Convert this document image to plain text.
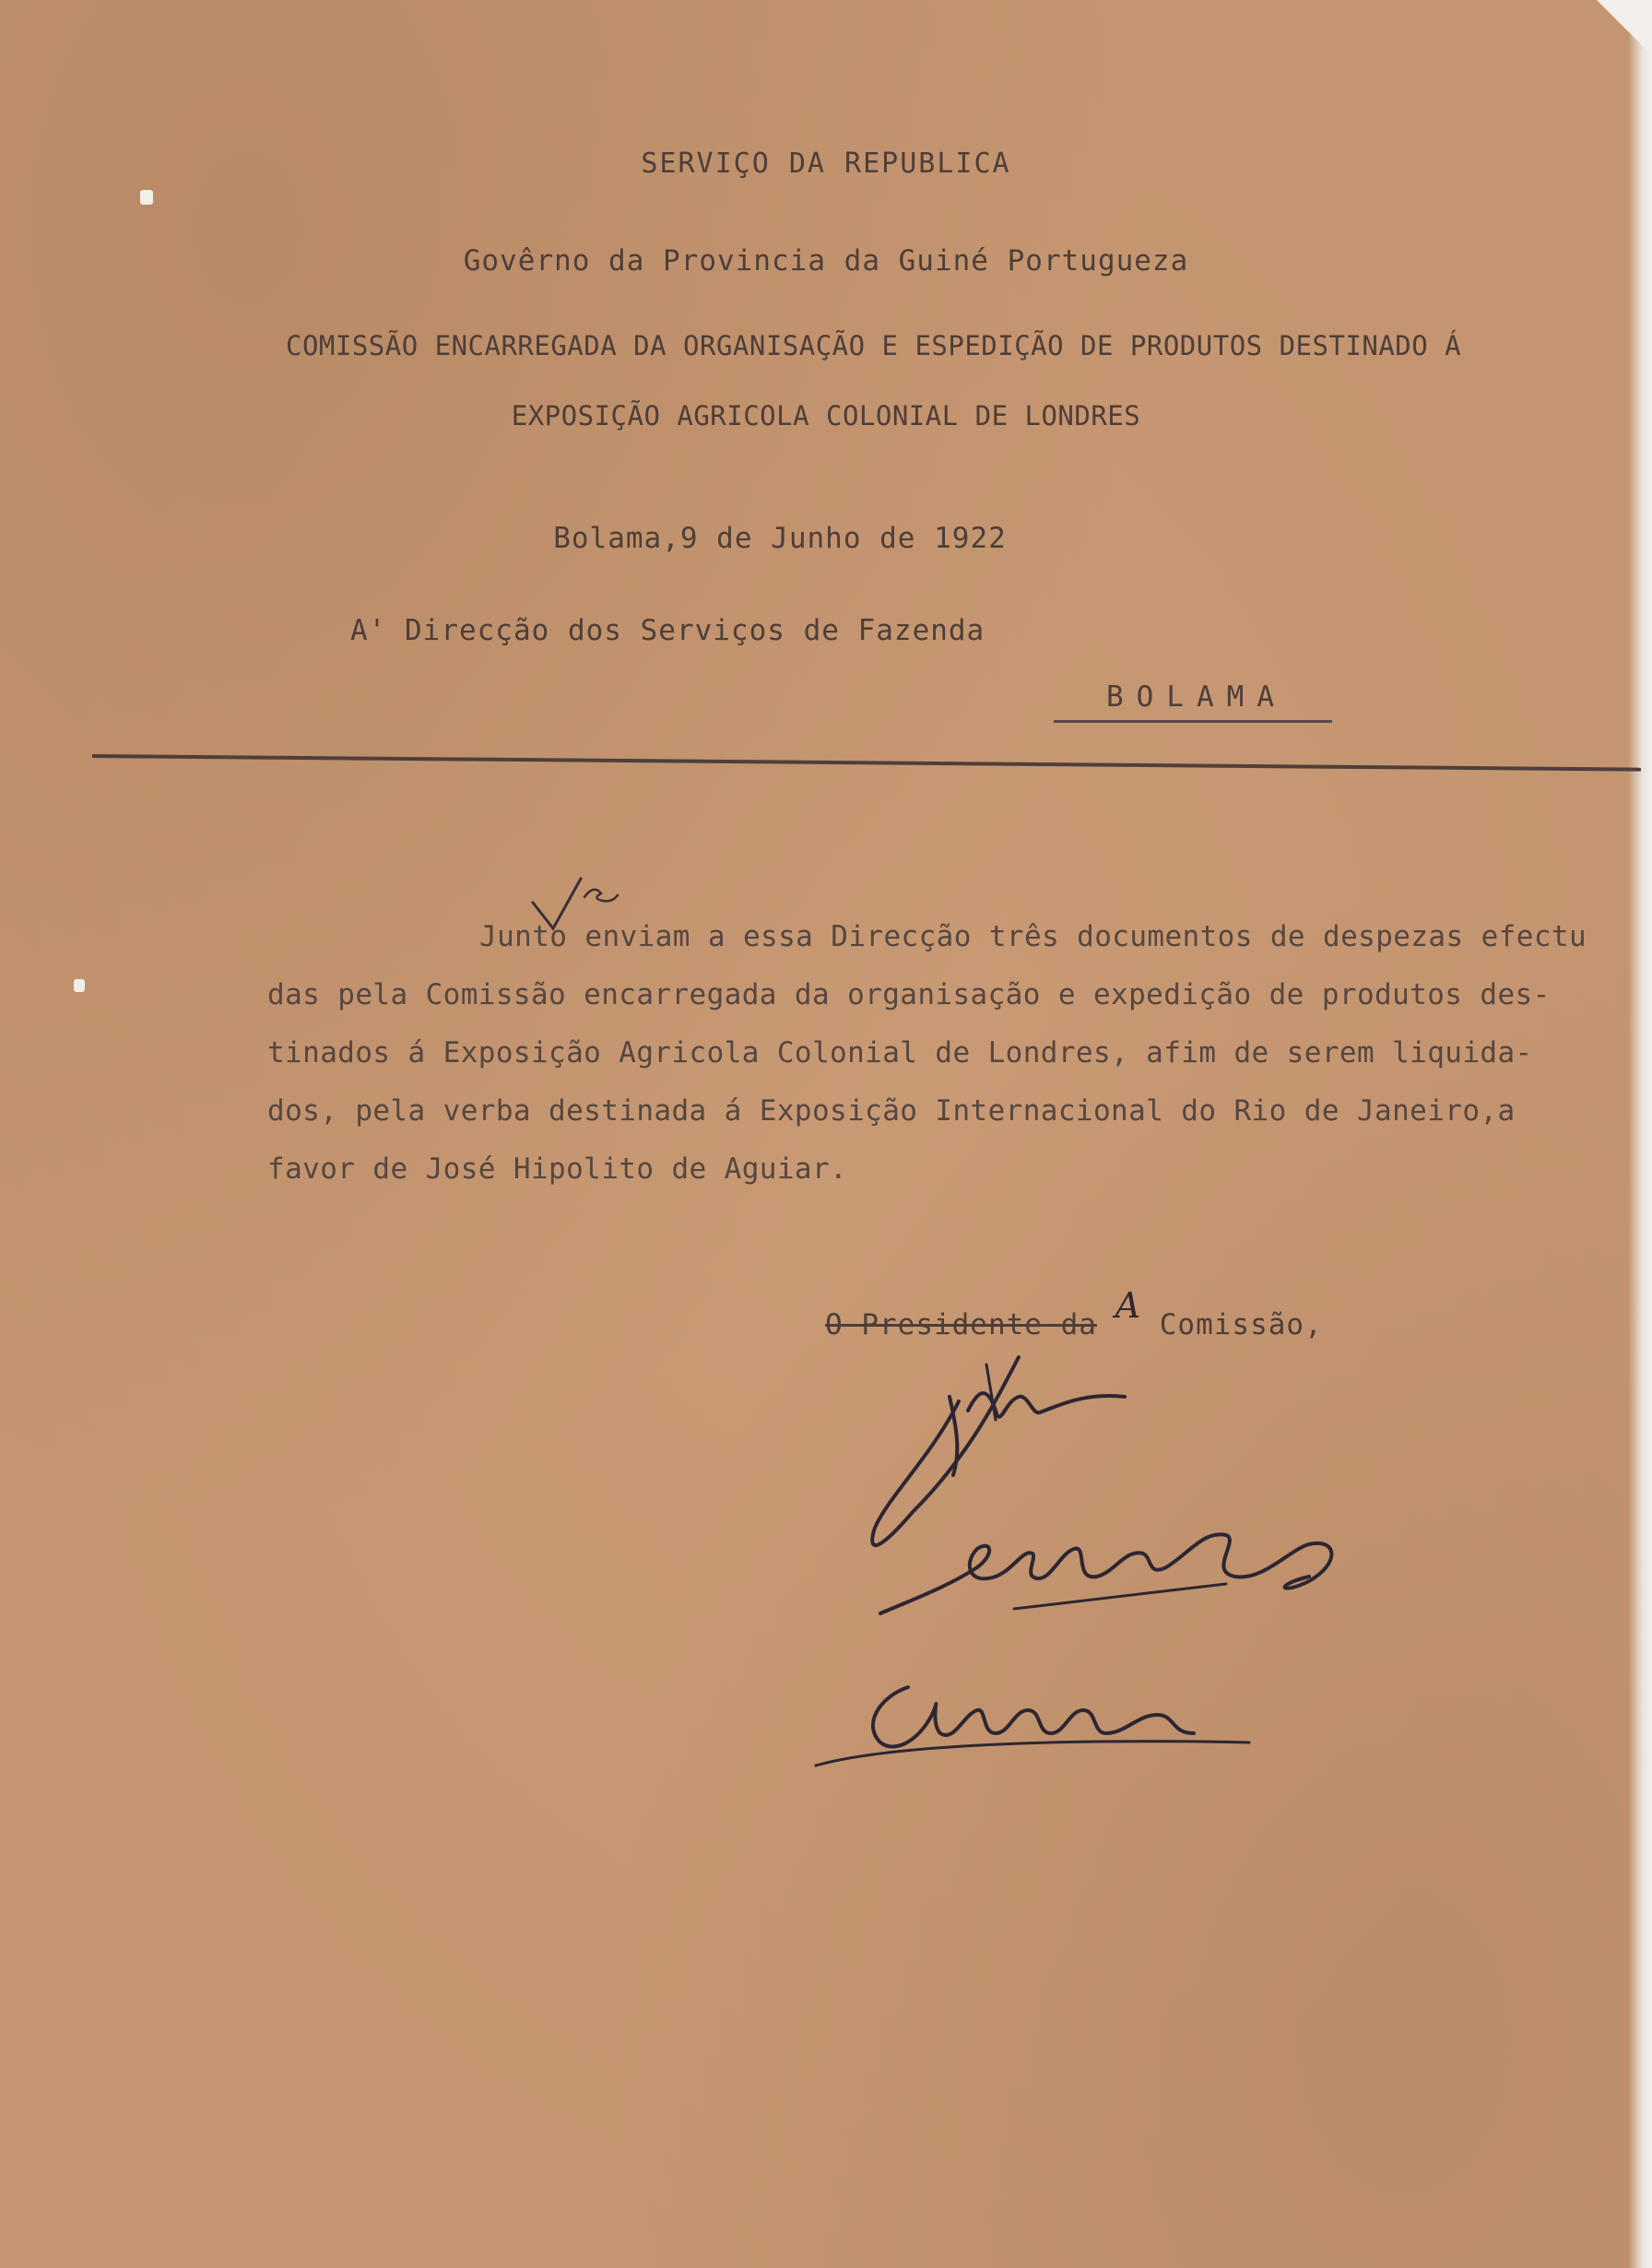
SERVIÇO DA REPUBLICA
Govêrno da Provincia da Guiné Portugueza
COMISSÃO ENCARREGADA DA ORGANISAÇÃO E ESPEDIÇÃO DE PRODUTOS DESTINADO Á
EXPOSIÇÃO AGRICOLA COLONIAL DE LONDRES
Bolama,9 de Junho de 1922
A' Direcção dos Serviços de Fazenda
BOLAMA

Junto enviam a essa Direcção três documentos de despezas efectu

das pela Comissão encarregada da organisação e expedição de produtos des-

tinados á Exposição Agricola Colonial de Londres, afim de serem liquida-

dos, pela verba destinada á Exposição Internacional do Rio de Janeiro,a

favor de José Hipolito de Aguiar.

O Presidente da A Comissão,
